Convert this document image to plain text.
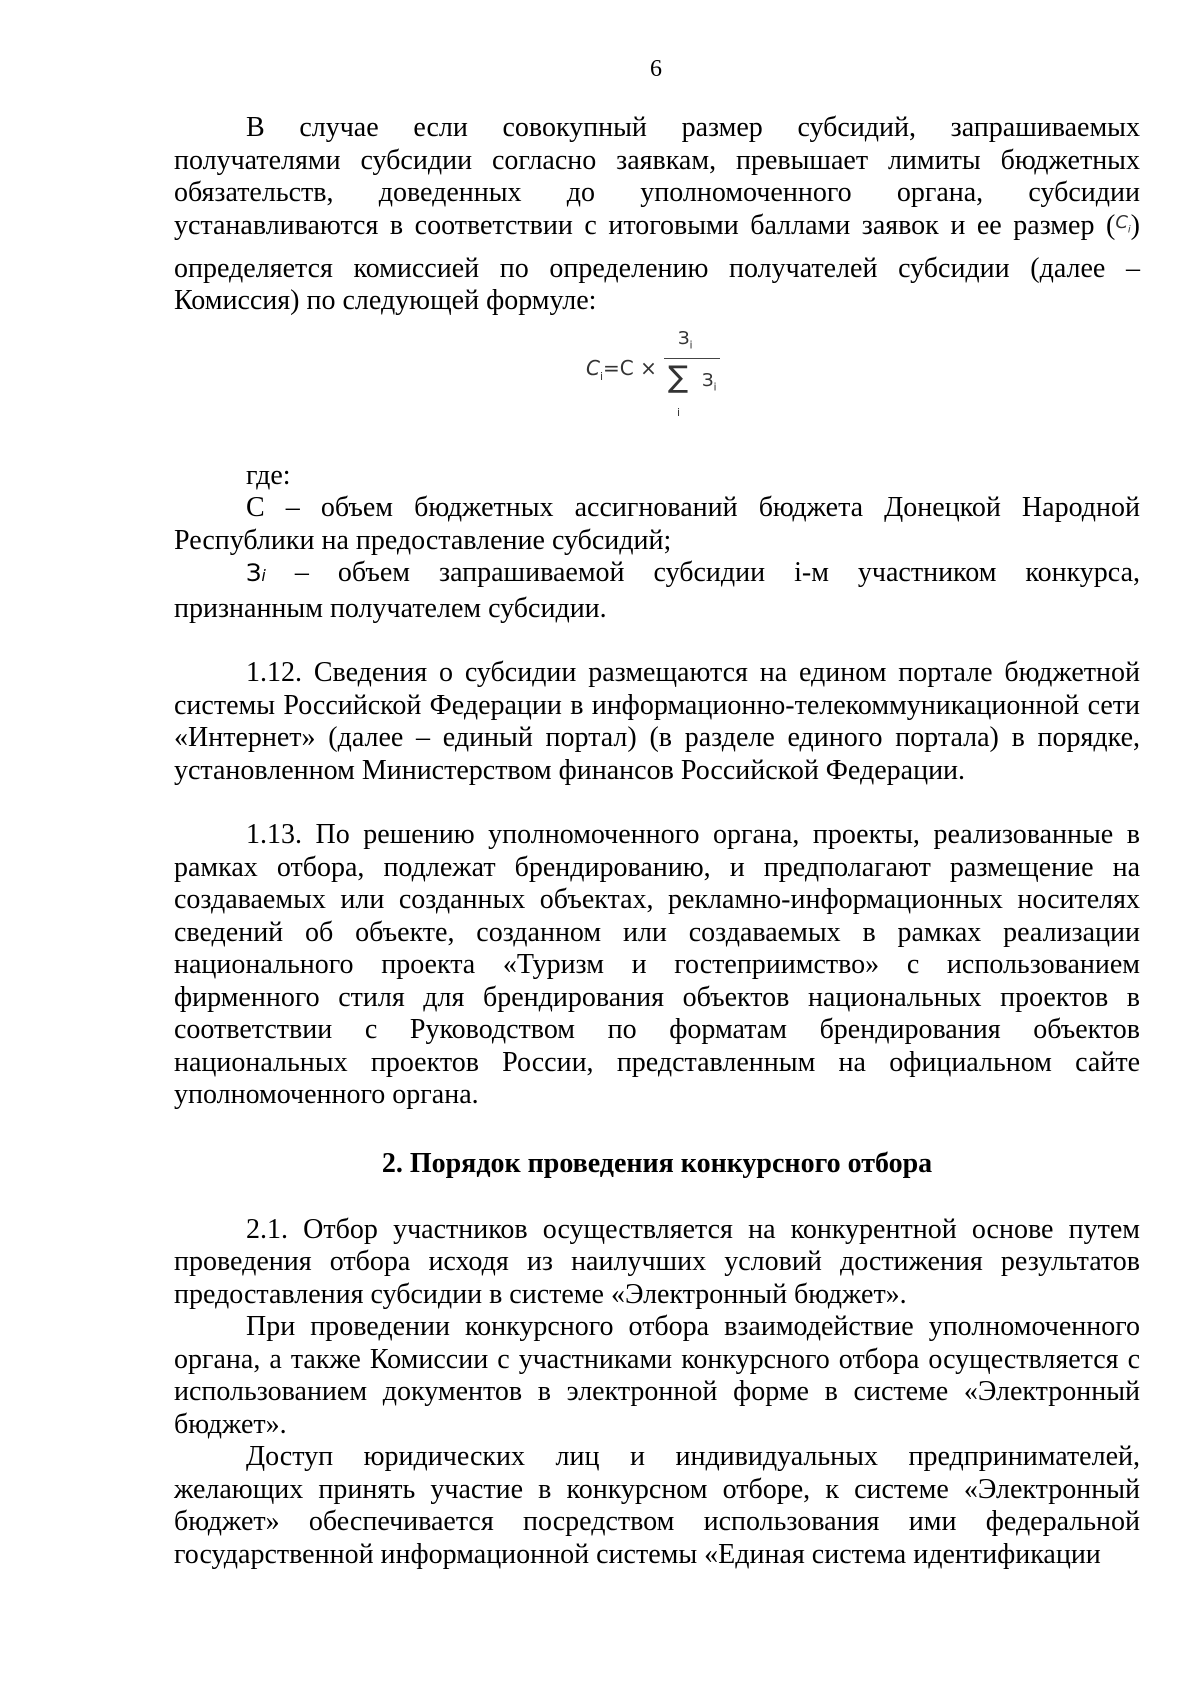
6

В случае если совокупный размер субсидий, запрашиваемых получателями субсидии согласно заявкам, превышает лимиты бюджетных обязательств, доведенных до уполномоченного органа, субсидии устанавливаются в соответствии с итоговыми баллами заявок и ее размер ($^{C_i}$) определяется комиссией по определению получателей субсидии (далее – Комиссия) по следующей формуле:

$C_i=C$ ×
$З_i$
∑ $З_i$
i

где:

С – объем бюджетных ассигнований бюджета Донецкой Народной Республики на предоставление субсидий;

Зi – объем запрашиваемой субсидии i-м участником конкурса, признанным получателем субсидии.

1.12. Сведения о субсидии размещаются на едином портале бюджетной системы Российской Федерации в информационно-телекоммуникационной сети «Интернет» (далее – единый портал) (в разделе единого портала) в порядке, установленном Министерством финансов Российской Федерации.

1.13. По решению уполномоченного органа, проекты, реализованные в рамках отбора, подлежат брендированию, и предполагают размещение на создаваемых или созданных объектах, рекламно-информационных носителях сведений об объекте, созданном или создаваемых в рамках реализации национального проекта «Туризм и гостеприимство» с использованием фирменного стиля для брендирования объектов национальных проектов в соответствии с Руководством по форматам брендирования объектов национальных проектов России, представленным на официальном сайте уполномоченного органа.

2. Порядок проведения конкурсного отбора

2.1. Отбор участников осуществляется на конкурентной основе путем проведения отбора исходя из наилучших условий достижения результатов предоставления субсидии в системе «Электронный бюджет».

При проведении конкурсного отбора взаимодействие уполномоченного органа, а также Комиссии с участниками конкурсного отбора осуществляется с использованием документов в электронной форме в системе «Электронный бюджет».

Доступ юридических лиц и индивидуальных предпринимателей, желающих принять участие в конкурсном отборе, к системе «Электронный бюджет» обеспечивается посредством использования ими федеральной государственной информационной системы «Единая система идентификации
